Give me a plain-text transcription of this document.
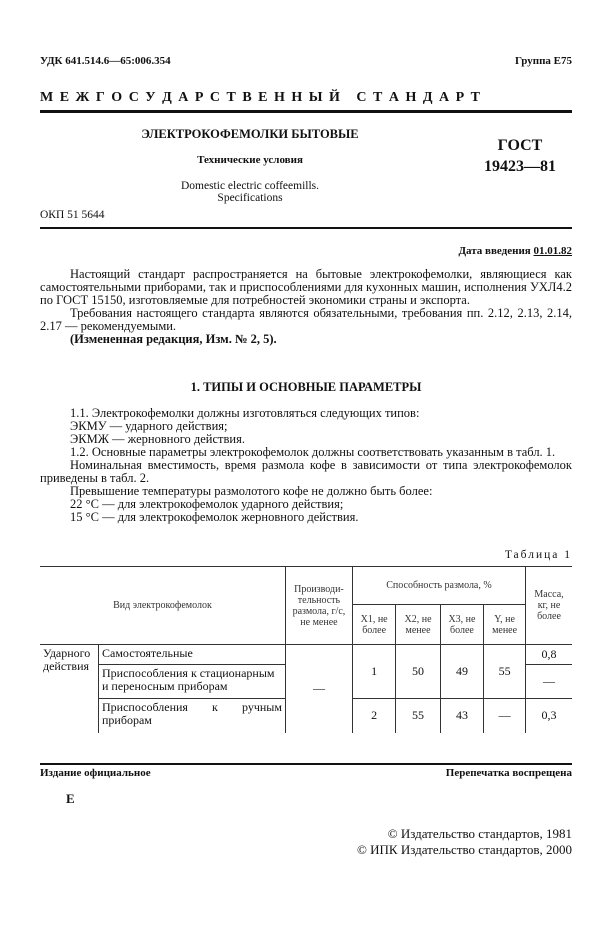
УДК 641.514.6—65:006.354	Группа Е75
М Е Ж Г О С У Д А Р С Т В Е Н Н Ы Й   С Т А Н Д А Р Т
ЭЛЕКТРОКОФЕМОЛКИ БЫТОВЫЕ
Технические условия
Domestic electric coffeemills.
Specifications
ГОСТ
19423—81
ОКП 51 5644
Дата введения 01.01.82

Настоящий стандарт распространяется на бытовые электрокофемолки, являющиеся как самостоятельными приборами, так и приспособлениями для кухонных машин, исполнения УХЛ4.2 по ГОСТ 15150, изготовляемые для потребностей экономики страны и экспорта.

Требования настоящего стандарта являются обязательными, требования пп. 2.12, 2.13, 2.14, 2.17 — рекомендуемыми.

(Измененная редакция, Изм. № 2, 5).

1. ТИПЫ И ОСНОВНЫЕ ПАРАМЕТРЫ

1.1. Электрокофемолки должны изготовляться следующих типов:

ЭКМУ — ударного действия;

ЭКМЖ — жерновного действия.

1.2. Основные параметры электрокофемолок должны соответствовать указанным в табл. 1.

Номинальная вместимость, время размола кофе в зависимости от типа электрокофемолок приведены в табл. 2.

Превышение температуры размолотого кофе не должно быть более:

22 °С — для электрокофемолок ударного действия;

15 °С — для электрокофемолок жерновного действия.

Таблица 1
Вид электрокофемолок		Производи-тельность размола, г/с, не менее	Способность размола, %				Масса, кг, не более
			X1, не более	X2, не менее	X3, не более	Y, не менее	
Ударного действия	Самостоятельные	—	1	50	49	55	0,8
	Приспособления к стационарным и переносным приборам						—
	Приспособления к ручным приборам		2	55	43	—	0,3
Издание официальное	Перепечатка воспрещена
Е
© Издательство стандартов, 1981
© ИПК Издательство стандартов, 2000
